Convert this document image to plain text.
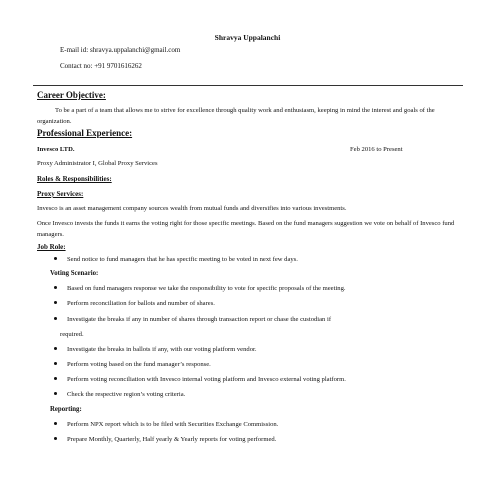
Shravya Uppalanchi
E-mail id: shravya.uppalanchi@gmail.com
Contact no: +91 9701616262
Career Objective:
To be a part of a team that allows me to strive for excellence through quality work and enthusiasm, keeping in mind the interest and goals of the organization.
Professional Experience:
Invesco LTD.	Feb 2016 to Present
Proxy Administrator I, Global Proxy Services
Roles & Responsibilities:
Proxy Services:
Invesco is an asset management company sources wealth from mutual funds and diversifies into various investments.
Once Invesco invests the funds it earns the voting right for those specific meetings. Based on the fund managers suggestion we vote on behalf of Invesco fund managers.
Job Role:
Send notice to fund managers that he has specific meeting to be voted in next few days.
Voting Scenario:
Based on fund managers response we take the responsibility to vote for specific proposals of the meeting.
Perform reconciliation for ballots and number of shares.
Investigate the breaks if any in number of shares through transaction report or chase the custodian if
required.
Investigate the breaks in ballots if any, with our voting platform vendor.
Perform voting based on the fund manager’s response.
Perform voting reconciliation with Invesco internal voting platform and Invesco external voting platform.
Check the respective region’s voting criteria.
Reporting:
Perform NPX report which is to be filed with Securities Exchange Commission.
Prepare Monthly, Quarterly, Half yearly & Yearly reports for voting performed.
